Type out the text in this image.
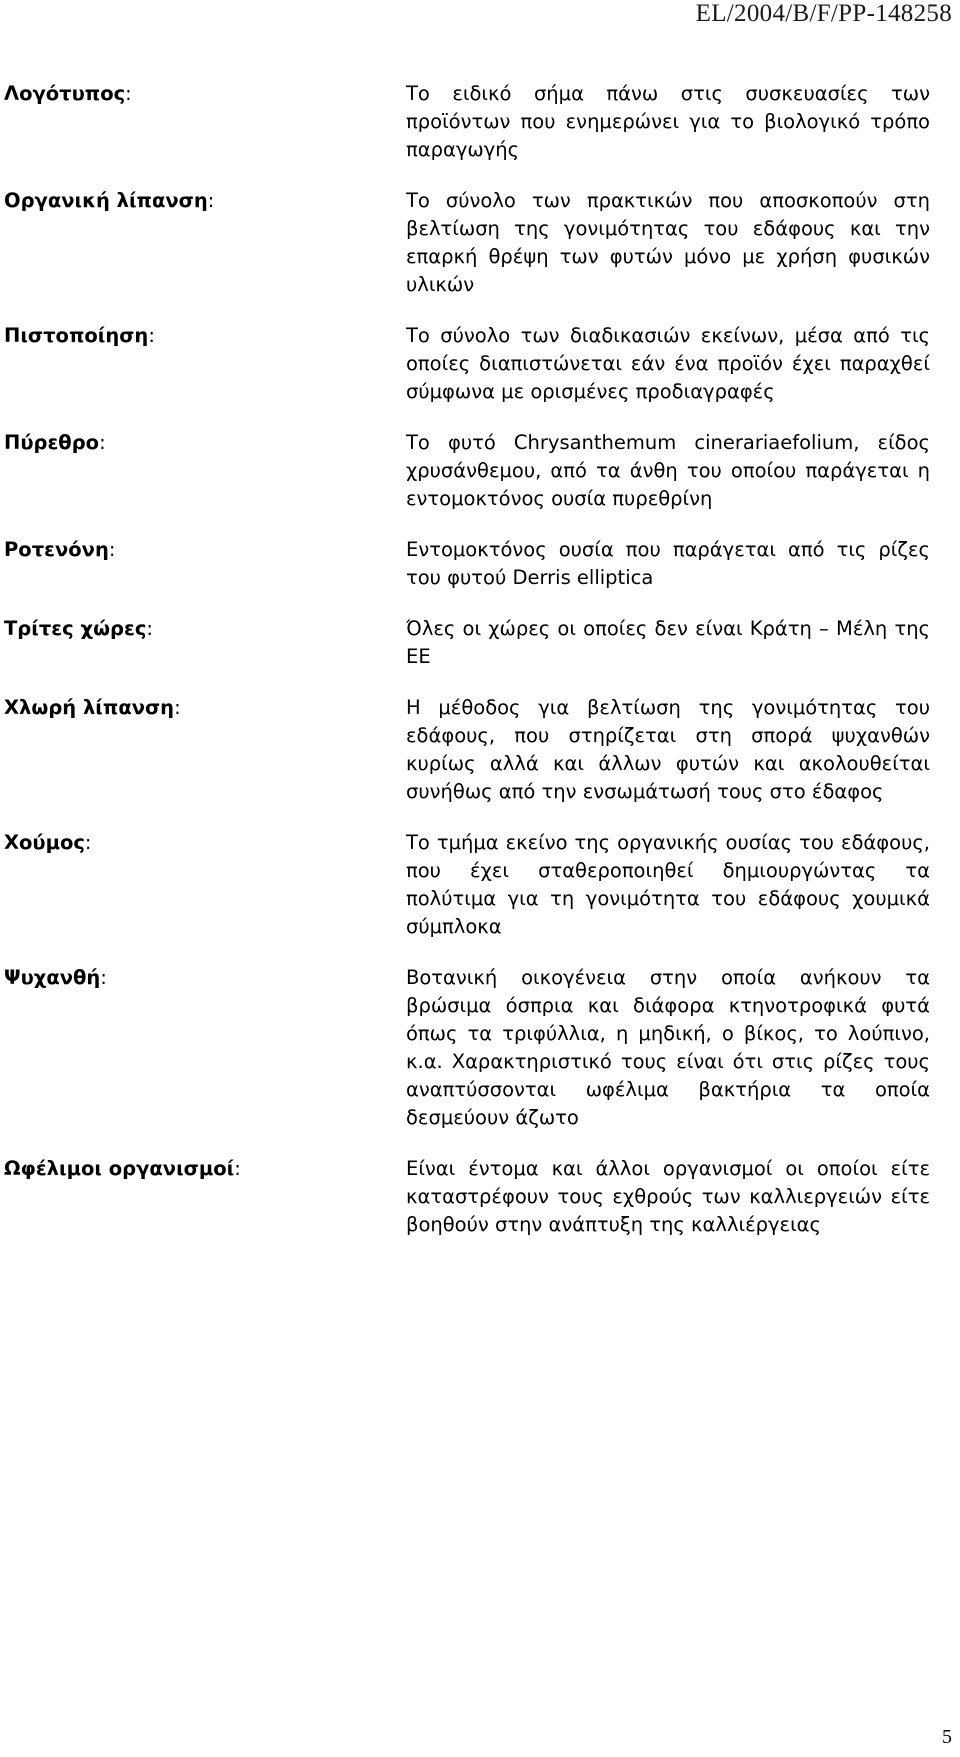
EL/2004/B/F/PP-148258
Λογότυπος:	Το ειδικό σήμα πάνω στις συσκευασίες των προϊόντων που ενημερώνει για το βιολογικό τρόπο παραγωγής
Οργανική λίπανση:	Το σύνολο των πρακτικών που αποσκοπούν στη βελτίωση της γονιμότητας του εδάφους και την επαρκή θρέψη των φυτών μόνο με χρήση φυσικών υλικών
Πιστοποίηση:	Το σύνολο των διαδικασιών εκείνων, μέσα από τις οποίες διαπιστώνεται εάν ένα προϊόν έχει παραχθεί σύμφωνα με ορισμένες προδιαγραφές
Πύρεθρο:	Το φυτό Chrysanthemum cinerariaefolium, είδος χρυσάνθεμου, από τα άνθη του οποίου παράγεται η εντομοκτόνος ουσία πυρεθρίνη
Ροτενόνη:	Εντομοκτόνος ουσία που παράγεται από τις ρίζες του φυτού Derris elliptica
Τρίτες χώρες:	Όλες οι χώρες οι οποίες δεν είναι Κράτη – Μέλη της ΕΕ
Χλωρή λίπανση:	Η μέθοδος για βελτίωση της γονιμότητας του εδάφους, που στηρίζεται στη σπορά ψυχανθών κυρίως αλλά και άλλων φυτών και ακολουθείται συνήθως από την ενσωμάτωσή τους στο έδαφος
Χούμος:	Το τμήμα εκείνο της οργανικής ουσίας του εδάφους, που έχει σταθεροποιηθεί δημιουργώντας τα πολύτιμα για τη γονιμότητα του εδάφους χουμικά σύμπλοκα
Ψυχανθή:	Βοτανική οικογένεια στην οποία ανήκουν τα βρώσιμα όσπρια και διάφορα κτηνοτροφικά φυτά όπως τα τριφύλλια, η μηδική, ο βίκος, το λούπινο, κ.α. Χαρακτηριστικό τους είναι ότι στις ρίζες τους αναπτύσσονται ωφέλιμα βακτήρια τα οποία δεσμεύουν άζωτο
Ωφέλιμοι οργανισμοί:	Είναι έντομα και άλλοι οργανισμοί οι οποίοι είτε καταστρέφουν τους εχθρούς των καλλιεργειών είτε βοηθούν στην ανάπτυξη της καλλιέργειας
5
